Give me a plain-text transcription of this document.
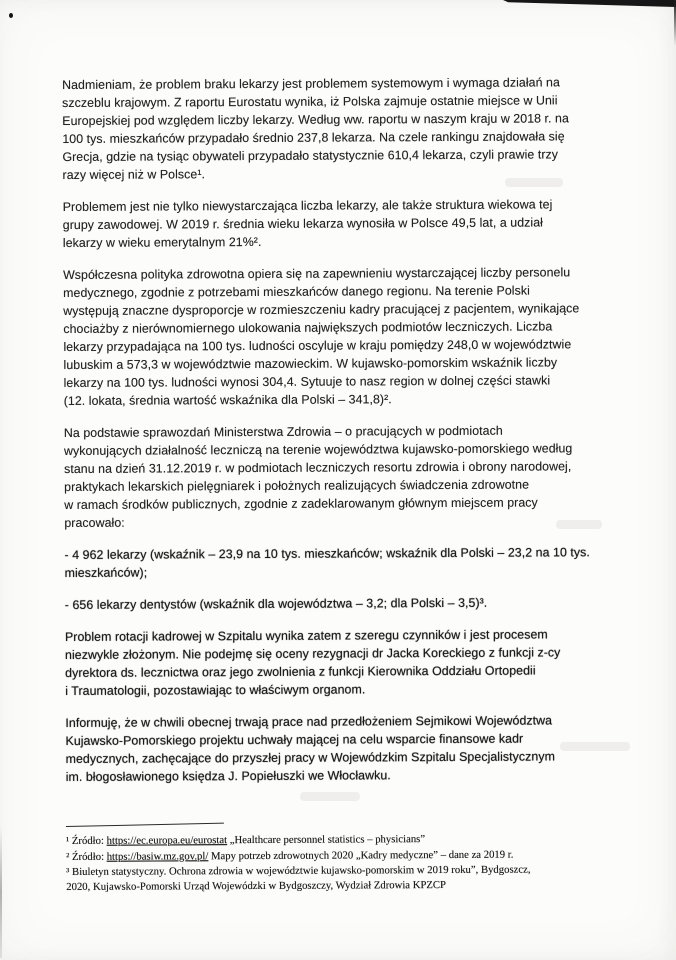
Nadmieniam, że problem braku lekarzy jest problemem systemowym i wymaga działań na
szczeblu krajowym. Z raportu Eurostatu wynika, iż Polska zajmuje ostatnie miejsce w Unii
Europejskiej pod względem liczby lekarzy. Według ww. raportu w naszym kraju w 2018 r. na
100 tys. mieszkańców przypadało średnio 237,8 lekarza. Na czele rankingu znajdowała się
Grecja, gdzie na tysiąc obywateli przypadało statystycznie 610,4 lekarza, czyli prawie trzy
razy więcej niż w Polsce¹.

Problemem jest nie tylko niewystarczająca liczba lekarzy, ale także struktura wiekowa tej
grupy zawodowej. W 2019 r. średnia wieku lekarza wynosiła w Polsce 49,5 lat, a udział
lekarzy w wieku emerytalnym 21%².

Współczesna polityka zdrowotna opiera się na zapewnieniu wystarczającej liczby personelu
medycznego, zgodnie z potrzebami mieszkańców danego regionu. Na terenie Polski
występują znaczne dysproporcje w rozmieszczeniu kadry pracującej z pacjentem, wynikające
chociażby z nierównomiernego ulokowania największych podmiotów leczniczych. Liczba
lekarzy przypadająca na 100 tys. ludności oscyluje w kraju pomiędzy 248,0 w województwie
lubuskim a 573,3 w województwie mazowieckim. W kujawsko-pomorskim wskaźnik liczby
lekarzy na 100 tys. ludności wynosi 304,4. Sytuuje to nasz region w dolnej części stawki
(12. lokata, średnia wartość wskaźnika dla Polski – 341,8)².

Na podstawie sprawozdań Ministerstwa Zdrowia – o pracujących w podmiotach
wykonujących działalność leczniczą na terenie województwa kujawsko-pomorskiego według
stanu na dzień 31.12.2019 r. w podmiotach leczniczych resortu zdrowia i obrony narodowej,
praktykach lekarskich pielęgniarek i położnych realizujących świadczenia zdrowotne
w ramach środków publicznych, zgodnie z zadeklarowanym głównym miejscem pracy
pracowało:

- 4 962 lekarzy (wskaźnik – 23,9 na 10 tys. mieszkańców; wskaźnik dla Polski – 23,2 na 10 tys.
mieszkańców);

- 656 lekarzy dentystów (wskaźnik dla województwa – 3,2; dla Polski – 3,5)³.

Problem rotacji kadrowej w Szpitalu wynika zatem z szeregu czynników i jest procesem
niezwykle złożonym. Nie podejmę się oceny rezygnacji dr Jacka Koreckiego z funkcji z-cy
dyrektora ds. lecznictwa oraz jego zwolnienia z funkcji Kierownika Oddziału Ortopedii
i Traumatologii, pozostawiając to właściwym organom.

Informuję, że w chwili obecnej trwają prace nad przedłożeniem Sejmikowi Województwa
Kujawsko-Pomorskiego projektu uchwały mającej na celu wsparcie finansowe kadr
medycznych, zachęcające do przyszłej pracy w Wojewódzkim Szpitalu Specjalistycznym
im. błogosławionego księdza J. Popiełuszki we Włocławku.

¹ Źródło: https://ec.europa.eu/eurostat „Healthcare personnel statistics – physicians”

² Źródło: https://basiw.mz.gov.pl/ Mapy potrzeb zdrowotnych 2020 „Kadry medyczne” – dane za 2019 r.

³ Biuletyn statystyczny. Ochrona zdrowia w województwie kujawsko-pomorskim w 2019 roku”, Bydgoszcz,
2020, Kujawsko-Pomorski Urząd Wojewódzki w Bydgoszczy, Wydział Zdrowia KPZCP
